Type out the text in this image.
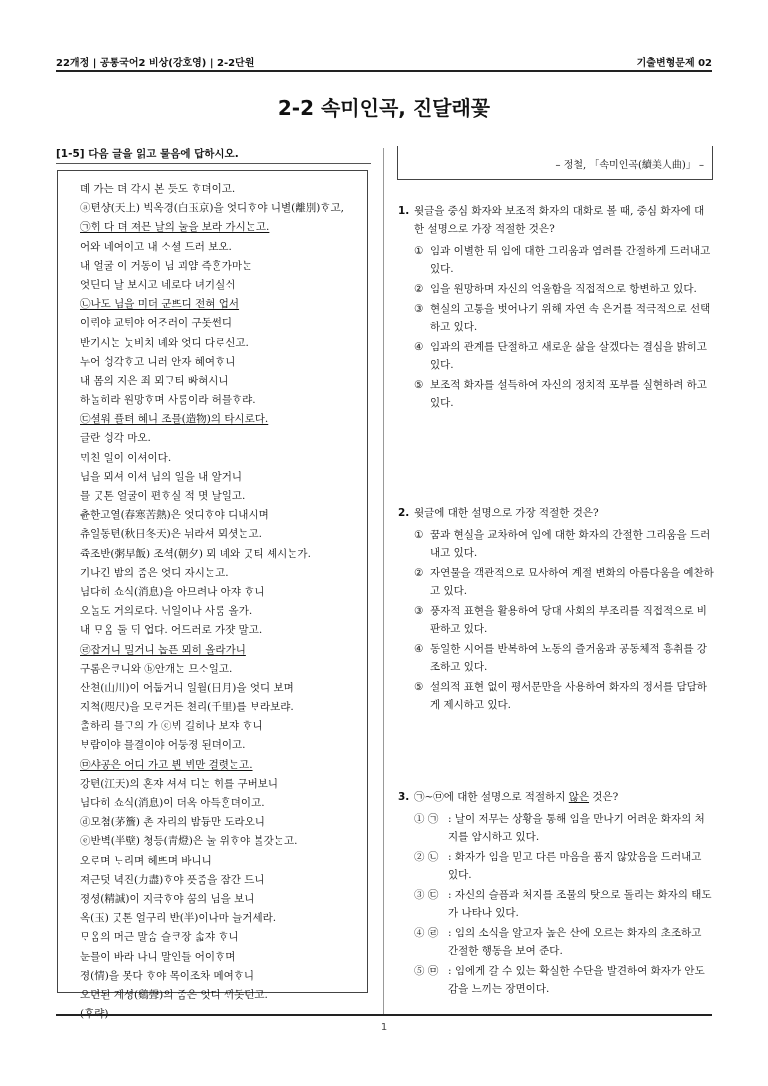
22개정 | 공통국어2 비상(강호영) | 2-2단원	기출변형문제 02
2-2 속미인곡, 진달래꽃
[1-5] 다음 글을 읽고 물음에 답하시오.
뎨 가는 뎌 각시 본 듯도 ᄒᆞ뎌이고.
ⓐ텬샹(天上) 빅옥경(白玉京)을 엇디ᄒᆞ야 니별(離別)ᄒᆞ고,
㉠ᄒᆡ 다 뎌 져믄 날의 눌을 보라 가시ᄂᆞᆫ고.
어와 네여이고 내 ᄉᆞ셜 드러 보오.
내 얼굴 이 거동이 님 괴얌 즉ᄒᆞᆫ가마ᄂᆞᆫ
엇딘디 날 보시고 네로다 녀기실ᄉᆡ
㉡나도 님을 미더 군ᄠᅳ디 전혀 업서
이ᄅᆡ야 교ᄐᆡ야 어ᄌᆞ러이 구돗썬디
반기시ᄂᆞᆫ ᄂᆞᆺ비치 녜와 엇디 다ᄅᆞ신고.
누어 ᄉᆡᆼ각ᄒᆞ고 니러 안자 혜여ᄒᆞ니
내 몸의 지은 죄 뫼ᄀᆞ티 ᄡᅡ혀시니
하ᄂᆞᆯ히라 원망ᄒᆞ며 사ᄅᆞᆷ이라 허믈ᄒᆞ랴.
㉢셜워 플텨 혜니 조믈(造物)의 타시로다.
글란 ᄉᆡᆼ각 마오.
ᄆᆡ친 일이 이셔이다.
님을 뫼셔 이셔 님의 일을 내 알거니
믈 ᄀᆞᆺ톤 얼굴이 편ᄒᆞ실 적 몃 날일고.
츈한고열(春寒苦熱)은 엇디ᄒᆞ야 디내시며
츄일동텬(秋日冬天)은 뉘라셔 뫼셧ᄂᆞᆫ고.
쥭조반(粥早飯) 조셕(朝夕) 뫼 녜와 ᄀᆞᆺ티 셰시ᄂᆞᆫ가.
기나긴 밤의 ᄌᆞᆷ은 엇디 자시ᄂᆞᆫ고.
님다히 쇼식(消息)을 아므려나 아쟈 ᄒᆞ니
오ᄂᆞᆯ도 거의로다. ᄂᆡ일이나 사ᄅᆞᆷ 올가.
내 ᄆᆞᄋᆞᆷ 둘 ᄃᆡ 업다. 어드러로 가쟛 말고.
㉣잡거니 밀거니 놉픈 뫼히 올라가니
구롬은ᄏᆞ니와 ⓑ안개ᄂᆞᆫ 므ᄉᆞ일고.
산쳔(山川)이 어둡거니 일월(日月)을 엇디 보며
지쳑(咫尺)을 모ᄅᆞ거든 쳔리(千里)를 ᄇᆞ라보랴.
ᄎᆞᆯ하리 믈ᄀᆞ의 가 ⓒᄇᆡ 길히나 보쟈 ᄒᆞ니
ᄇᆞ람이야 믈결이야 어둥졍 된뎌이고.
㉤샤공은 어디 가고 븬 ᄇᆡ만 걸렷ᄂᆞᆫ고.
강텬(江天)의 혼쟈 셔셔 디ᄂᆞᆫ ᄒᆡ를 구버보니
님다히 쇼식(消息)이 더옥 아득ᄒᆞᆫ뎌이고.
ⓓ모쳠(茅簷) 촌 자리의 밤듕만 도라오니
ⓔ반벽(半壁) 쳥등(靑燈)은 눌 위ᄒᆞ야 ᄇᆞᆯ갓ᄂᆞᆫ고.
오ᄅᆞ며 ᄂᆞ리며 헤ᄠᅳ며 바니니
져근덧 녁진(力盡)ᄒᆞ야 픗ᄌᆞᆷ을 잠간 드니
졍셩(精誠)이 지극ᄒᆞ야 ᄭᅮᆷ의 님을 보니
옥(玉) ᄀᆞᆺ톤 얼구리 반(半)이나마 늘거세라.
ᄆᆞᄋᆞᆷ의 머근 말ᄉᆞᆷ 슬ᄏᆞ장 ᄉᆞᆲ쟈 ᄒᆞ니
눈믈이 바라 나니 말인들 어이ᄒᆞ며
졍(情)을 못다 ᄒᆞ야 목이조차 메여ᄒᆞ니
오뎐된 계셩(鷄聲)의 ᄌᆞᆷ은 엇디 ᄭᆡ돗던고.
(후략)
– 정철, 「속미인곡(續美人曲)」 –
1. 윗글을 중심 화자와 보조적 화자의 대화로 볼 때, 중심 화자에 대한 설명으로 가장 적절한 것은?
① 임과 이별한 뒤 임에 대한 그리움과 염려를 간절하게 드러내고 있다.
② 임을 원망하며 자신의 억울함을 직접적으로 항변하고 있다.
③ 현실의 고통을 벗어나기 위해 자연 속 은거를 적극적으로 선택하고 있다.
④ 임과의 관계를 단절하고 새로운 삶을 살겠다는 결심을 밝히고 있다.
⑤ 보조적 화자를 설득하여 자신의 정치적 포부를 실현하려 하고 있다.
2. 윗글에 대한 설명으로 가장 적절한 것은?
① 꿈과 현실을 교차하여 임에 대한 화자의 간절한 그리움을 드러내고 있다.
② 자연물을 객관적으로 묘사하여 계절 변화의 아름다움을 예찬하고 있다.
③ 풍자적 표현을 활용하여 당대 사회의 부조리를 직접적으로 비판하고 있다.
④ 동일한 시어를 반복하여 노동의 즐거움과 공동체적 흥취를 강조하고 있다.
⑤ 설의적 표현 없이 평서문만을 사용하여 화자의 정서를 담담하게 제시하고 있다.
3. ㉠~㉤에 대한 설명으로 적절하지 않은 것은?
① ㉠ : 날이 저무는 상황을 통해 임을 만나기 어려운 화자의 처지를 암시하고 있다.
② ㉡ : 화자가 임을 믿고 다른 마음을 품지 않았음을 드러내고 있다.
③ ㉢ : 자신의 슬픔과 처지를 조물의 탓으로 돌리는 화자의 태도가 나타나 있다.
④ ㉣ : 임의 소식을 알고자 높은 산에 오르는 화자의 초조하고 간절한 행동을 보여 준다.
⑤ ㉤ : 임에게 갈 수 있는 확실한 수단을 발견하여 화자가 안도감을 느끼는 장면이다.
1
